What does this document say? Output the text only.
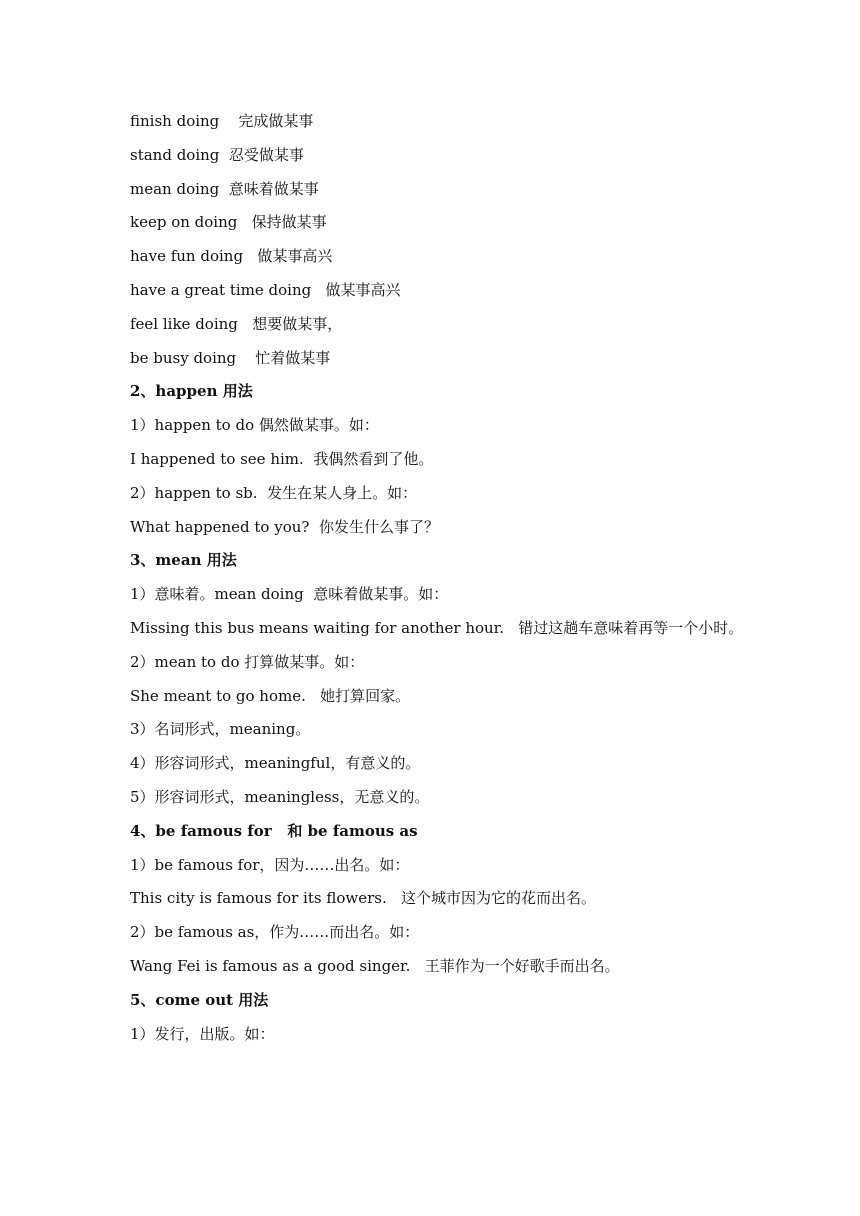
finish doing    完成做某事
stand doing  忍受做某事
mean doing  意味着做某事
keep on doing   保持做某事
have fun doing   做某事高兴
have a great time doing   做某事高兴
feel like doing   想要做某事，
be busy doing    忙着做某事
2、happen 用法
1）happen to do 偶然做某事。如：
I happened to see him.  我偶然看到了他。
2）happen to sb.  发生在某人身上。如：
What happened to you?  你发生什么事了？
3、mean 用法
1）意味着。mean doing  意味着做某事。如：
Missing this bus means waiting for another hour.   错过这趟车意味着再等一个小时。
2）mean to do 打算做某事。如：
She meant to go home.   她打算回家。
3）名词形式，meaning。
4）形容词形式，meaningful，有意义的。
5）形容词形式，meaningless，无意义的。
4、be famous for   和 be famous as
1）be famous for，因为……出名。如：
This city is famous for its flowers.   这个城市因为它的花而出名。
2）be famous as，作为……而出名。如：
Wang Fei is famous as a good singer.   王菲作为一个好歌手而出名。
5、come out 用法
1）发行，出版。如：
